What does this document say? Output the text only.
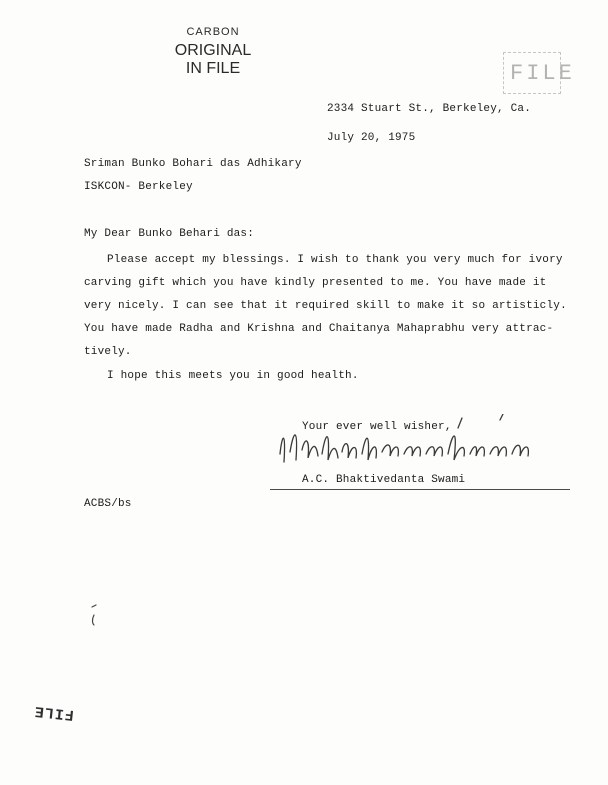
CARBON
ORIGINAL
IN FILE	FILE
2334 Stuart St., Berkeley, Ca.
July 20, 1975
Sriman Bunko Bohari das Adhikary
ISKCON- Berkeley
My Dear Bunko Behari das:
Please accept my blessings. I wish to thank you very much for ivory
carving gift which you have kindly presented to me. You have made it
very nicely. I can see that it required skill to make it so artisticly.
You have made Radha and Krishna and Chaitanya Mahaprabhu very attrac-
tively.
I hope this meets you in good health.
Your ever well wisher,
A.C. Bhaktivedanta Swami
ACBS/bs
FILE
